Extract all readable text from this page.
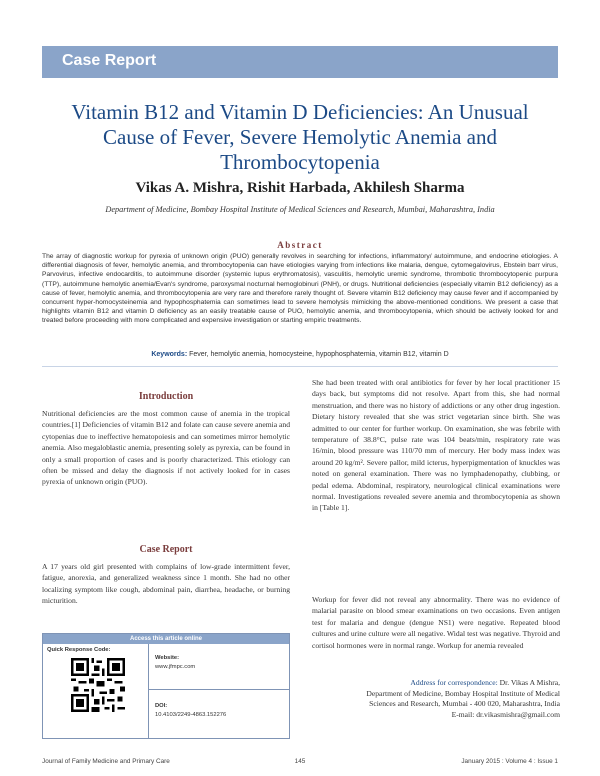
Case Report
Vitamin B12 and Vitamin D Deficiencies: An Unusual
Cause of Fever, Severe Hemolytic Anemia and
Thrombocytopenia
Vikas A. Mishra, Rishit Harbada, Akhilesh Sharma
Department of Medicine, Bombay Hospital Institute of Medical Sciences and Research, Mumbai, Maharashtra, India
Abstract
The array of diagnostic workup for pyrexia of unknown origin (PUO) generally revolves in searching for infections, inflammatory/ autoimmune, and endocrine etiologies. A differential diagnosis of fever, hemolytic anemia, and thrombocytopenia can have etiologies varying from infections like malaria, dengue, cytomegalovirus, Ebstein barr virus, Parvovirus, infective endocarditis, to autoimmune disorder (systemic lupus erythromatosis), vasculitis, hemolytic uremic syndrome, thrombotic thrombocytopenic purpura (TTP), autoimmune hemolytic anemia/Evan's syndrome, paroxysmal nocturnal hemoglobinuri (PNH), or drugs. Nutritional deficiencies (especially vitamin B12 deficiency) as a cause of fever, hemolytic anemia, and thrombocytopenia are very rare and therefore rarely thought of. Severe vitamin B12 deficiency may cause fever and if accompanied by concurrent hyper-homocysteinemia and hypophosphatemia can sometimes lead to severe hemolysis mimicking the above-mentioned conditions. We present a case that highlights vitamin B12 and vitamin D deficiency as an easily treatable cause of PUO, hemolytic anemia, and thrombocytopenia, which should be actively looked for and treated before proceeding with more complicated and expensive investigation or starting empiric treatments.
Keywords: Fever, hemolytic anemia, homocysteine, hypophosphatemia, vitamin B12, vitamin D
Introduction
Nutritional deficiencies are the most common cause of anemia in the tropical countries.[1] Deficiencies of vitamin B12 and folate can cause severe anemia and cytopenias due to ineffective hematopoiesis and can sometimes mirror hemolytic anemia. Also megaloblastic anemia, presenting solely as pyrexia, can be found in only a small proportion of cases and is poorly characterized. This etiology can often be missed and delay the diagnosis if not actively looked for in cases pyrexia of unknown origin (PUO).
Case Report
A 17 years old girl presented with complains of low-grade intermittent fever, fatigue, anorexia, and generalized weakness since 1 month. She had no other localizing symptom like cough, abdominal pain, diarrhea, headache, or burning micturition.
She had been treated with oral antibiotics for fever by her local practitioner 15 days back, but symptoms did not resolve. Apart from this, she had normal menstruation, and there was no history of addictions or any other drug ingestion. Dietary history revealed that she was strict vegetarian since birth. She was admitted to our center for further workup. On examination, she was febrile with temperature of 38.8°C, pulse rate was 104 beats/min, respiratory rate was 16/min, blood pressure was 110/70 mm of mercury. Her body mass index was around 20 kg/m². Severe pallor, mild icterus, hyperpigmentation of knuckles was noted on general examination. There was no lymphadenopathy, clubbing, or pedal edema. Abdominal, respiratory, neurological clinical examinations were normal. Investigations revealed severe anemia and thrombocytopenia as shown in [Table 1].
Workup for fever did not reveal any abnormality. There was no evidence of malarial parasite on blood smear examinations on two occasions. Even antigen test for malaria and dengue (dengue NS1) were negative. Repeated blood cultures and urine culture were all negative. Widal test was negative. Thyroid and cortisol hormones were in normal range. Workup for anemia revealed
Access this article online
Quick Response Code:
Website:
www.jfmpc.com
DOI:
10.4103/2249-4863.152276
Address for correspondence: Dr. Vikas A Mishra,
Department of Medicine, Bombay Hospital Institute of Medical
Sciences and Research, Mumbai - 400 020, Maharashtra, India
E-mail: dr.vikasmishra@gmail.com
Journal of Family Medicine and Primary Care	145	January 2015 : Volume 4 : Issue 1
